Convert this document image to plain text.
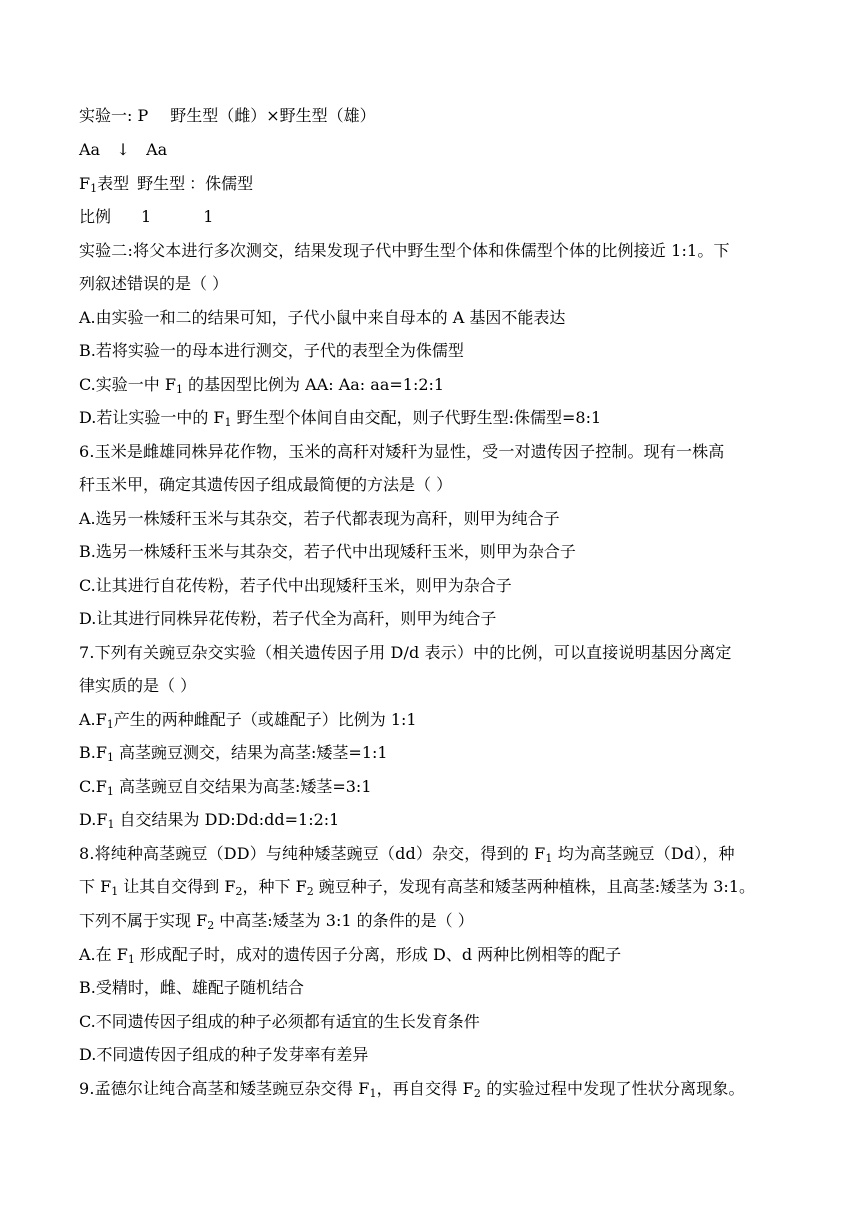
实验一: P 野生型（雌）×野生型（雄）
Aa ↓ Aa
$F_1$表型 野生型 ：侏儒型
比例 1	1
实验二:将父本进行多次测交，结果发现子代中野生型个体和侏儒型个体的比例接近 1:1。下
列叙述错误的是（ ）
A.由实验一和二的结果可知，子代小鼠中来自母本的 A 基因不能表达
B.若将实验一的母本进行测交，子代的表型全为侏儒型
C.实验一中 $F_1$ 的基因型比例为 AA: Aa: aa=1:2:1
D.若让实验一中的 $F_1$ 野生型个体间自由交配，则子代野生型:侏儒型=8:1
6.玉米是雌雄同株异花作物，玉米的高秆对矮秆为显性，受一对遗传因子控制。现有一株高
秆玉米甲，确定其遗传因子组成最简便的方法是（ ）
A.选另一株矮秆玉米与其杂交，若子代都表现为高秆，则甲为纯合子
B.选另一株矮秆玉米与其杂交，若子代中出现矮秆玉米，则甲为杂合子
C.让其进行自花传粉，若子代中出现矮秆玉米，则甲为杂合子
D.让其进行同株异花传粉，若子代全为高秆，则甲为纯合子
7.下列有关豌豆杂交实验（相关遗传因子用 D/d 表示）中的比例，可以直接说明基因分离定
律实质的是（ ）
$A.F_1$产生的两种雌配子（或雄配子）比例为 1:1
$B.F_1$ 高茎豌豆测交，结果为高茎:矮茎=1:1
$C.F_1$ 高茎豌豆自交结果为高茎:矮茎=3:1
$D.F_1$ 自交结果为 DD:Dd:dd=1:2:1
8.将纯种高茎豌豆（DD）与纯种矮茎豌豆（dd）杂交，得到的 $F_1$ 均为高茎豌豆（Dd），种
下 $F_1$ 让其自交得到 $F_2$，种下 $F_2$ 豌豆种子，发现有高茎和矮茎两种植株，且高茎:矮茎为 3:1。
下列不属于实现 $F_2$ 中高茎:矮茎为 3:1 的条件的是（ ）
A.在 $F_1$ 形成配子时，成对的遗传因子分离，形成 D、d 两种比例相等的配子
B.受精时，雌、雄配子随机结合
C.不同遗传因子组成的种子必须都有适宜的生长发育条件
D.不同遗传因子组成的种子发芽率有差异
9.孟德尔让纯合高茎和矮茎豌豆杂交得 $F_1$，再自交得 $F_2$ 的实验过程中发现了性状分离现象。
